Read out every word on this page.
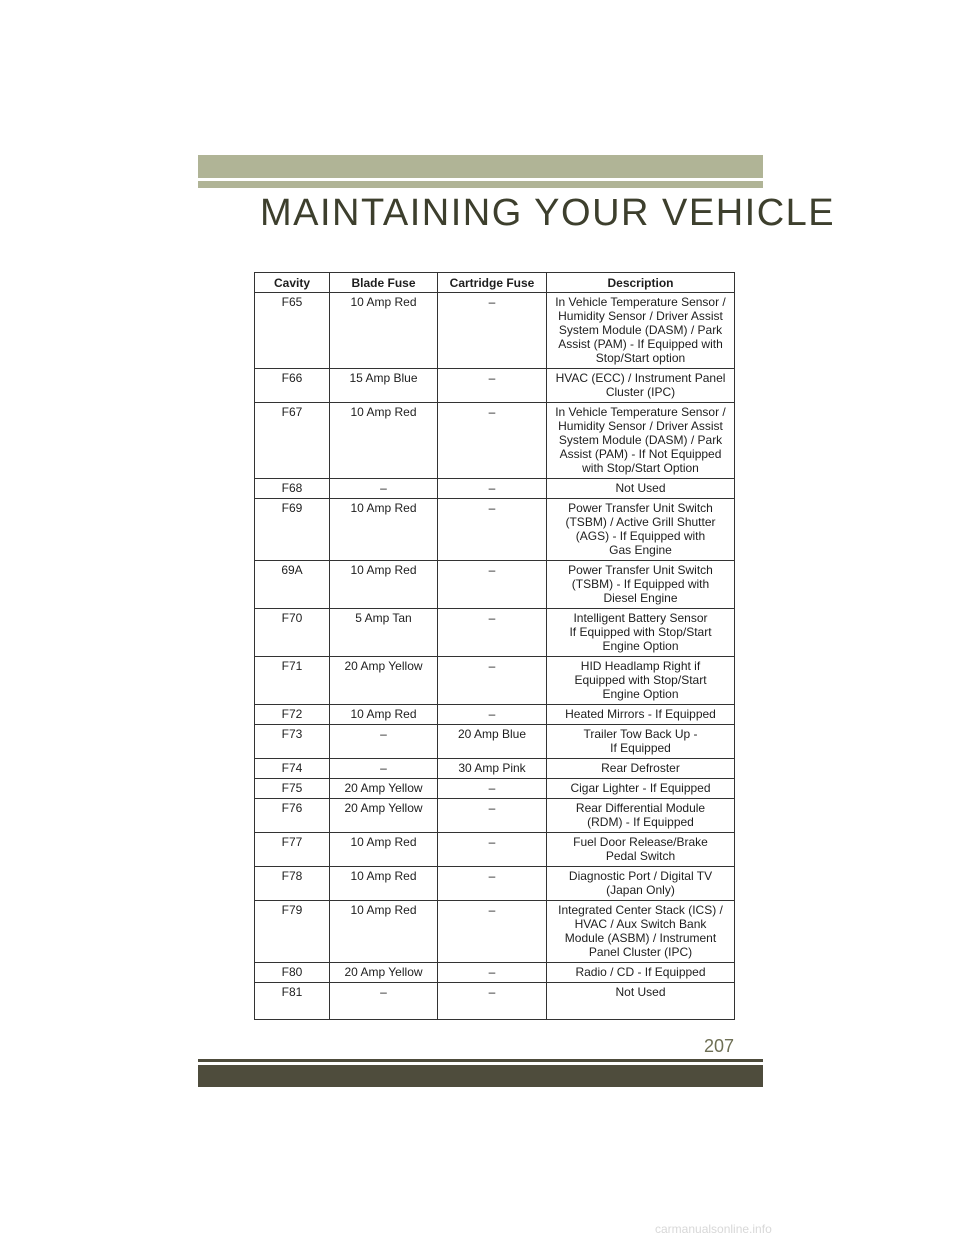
MAINTAINING YOUR VEHICLE
Cavity	Blade Fuse	Cartridge Fuse	Description
F65	10 Amp Red	–	In Vehicle Temperature Sensor /
Humidity Sensor / Driver Assist
System Module (DASM) / Park
Assist (PAM) - If Equipped with
Stop/Start option
F66	15 Amp Blue	–	HVAC (ECC) / Instrument Panel
Cluster (IPC)
F67	10 Amp Red	–	In Vehicle Temperature Sensor /
Humidity Sensor / Driver Assist
System Module (DASM) / Park
Assist (PAM) - If Not Equipped
with Stop/Start Option
F68	–	–	Not Used
F69	10 Amp Red	–	Power Transfer Unit Switch
(TSBM) / Active Grill Shutter
(AGS) - If Equipped with
Gas Engine
69A	10 Amp Red	–	Power Transfer Unit Switch
(TSBM) - If Equipped with
Diesel Engine
F70	5 Amp Tan	–	Intelligent Battery Sensor
If Equipped with Stop/Start
Engine Option
F71	20 Amp Yellow	–	HID Headlamp Right if
Equipped with Stop/Start
Engine Option
F72	10 Amp Red	–	Heated Mirrors - If Equipped
F73	–	20 Amp Blue	Trailer Tow Back Up -
If Equipped
F74	–	30 Amp Pink	Rear Defroster
F75	20 Amp Yellow	–	Cigar Lighter - If Equipped
F76	20 Amp Yellow	–	Rear Differential Module
(RDM) - If Equipped
F77	10 Amp Red	–	Fuel Door Release/Brake
Pedal Switch
F78	10 Amp Red	–	Diagnostic Port / Digital TV
(Japan Only)
F79	10 Amp Red	–	Integrated Center Stack (ICS) /
HVAC / Aux Switch Bank
Module (ASBM) / Instrument
Panel Cluster (IPC)
F80	20 Amp Yellow	–	Radio / CD - If Equipped
F81	–	–	Not Used
207
carmanualsonline.info
